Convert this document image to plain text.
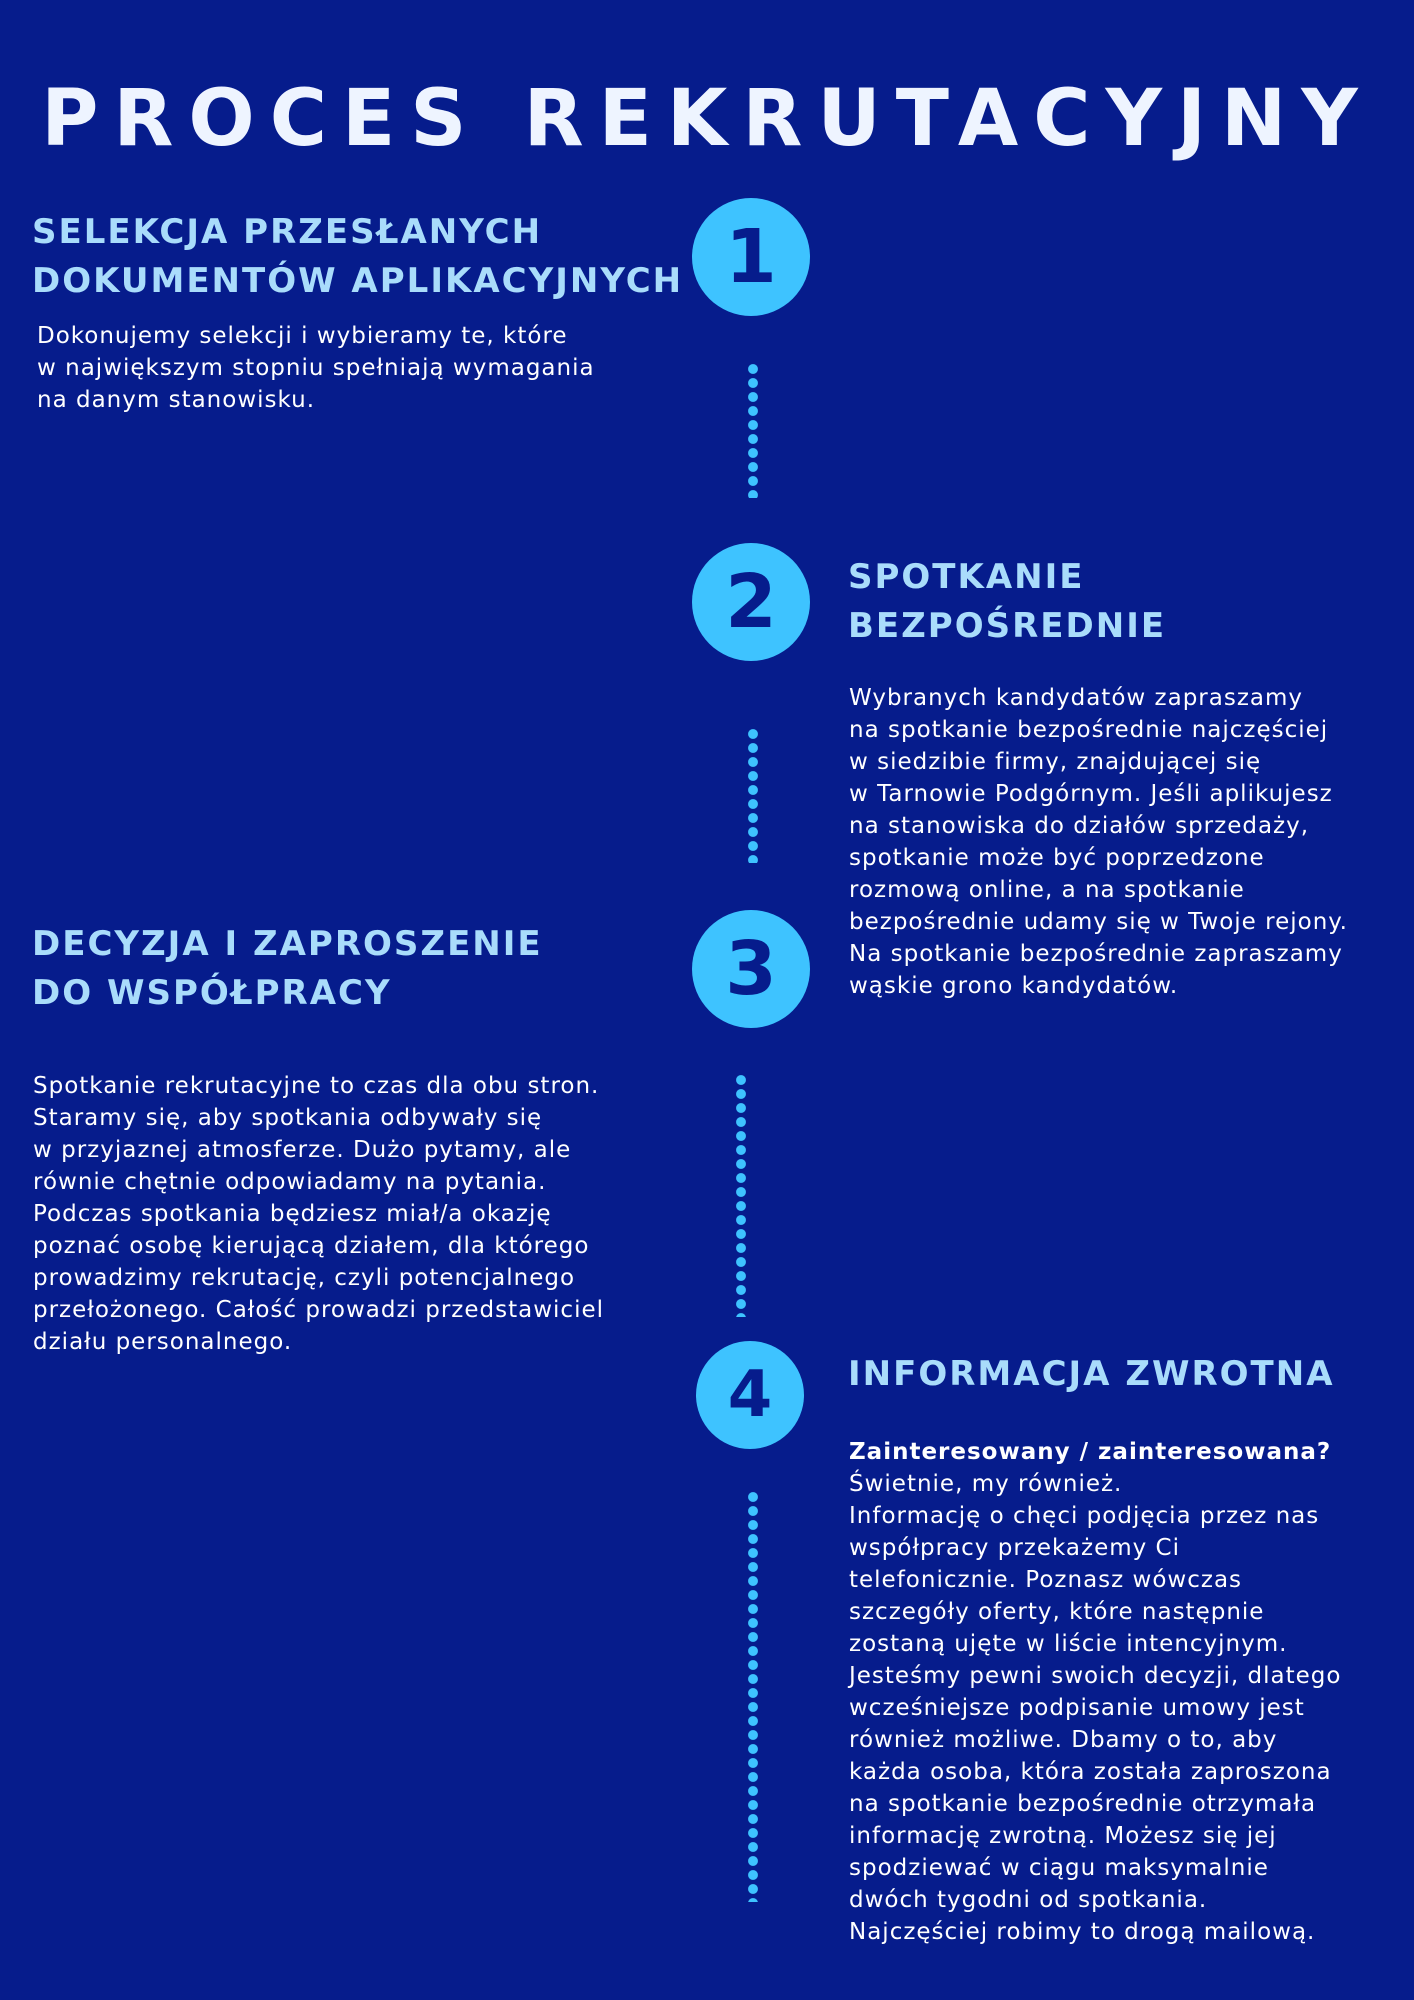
PROCES REKRUTACYJNY
SELEKCJA PRZESŁANYCH
DOKUMENTÓW APLIKACYJNYCH 1

Dokonujemy selekcji i wybieramy te, które
w największym stopniu spełniają wymagania
na danym stanowisku.

2	SPOTKANIE
BEZPOŚREDNIE

Wybranych kandydatów zapraszamy
na spotkanie bezpośrednie najczęściej
w siedzibie firmy, znajdującej się
w Tarnowie Podgórnym. Jeśli aplikujesz
na stanowiska do działów sprzedaży,
spotkanie może być poprzedzone
rozmową online, a na spotkanie
bezpośrednie udamy się w Twoje rejony.
Na spotkanie bezpośrednie zapraszamy
wąskie grono kandydatów.

DECYZJA I ZAPROSZENIE
DO WSPÓŁPRACY	3

Spotkanie rekrutacyjne to czas dla obu stron.
Staramy się, aby spotkania odbywały się
w przyjaznej atmosferze. Dużo pytamy, ale
równie chętnie odpowiadamy na pytania.
Podczas spotkania będziesz miał/a okazję
poznać osobę kierującą działem, dla którego
prowadzimy rekrutację, czyli potencjalnego
przełożonego. Całość prowadzi przedstawiciel
działu personalnego.

4	INFORMACJA ZWROTNA

Zainteresowany / zainteresowana?
Świetnie, my również.

Informację o chęci podjęcia przez nas
współpracy przekażemy Ci
telefonicznie. Poznasz wówczas
szczegóły oferty, które następnie
zostaną ujęte w liście intencyjnym.
Jesteśmy pewni swoich decyzji, dlatego
wcześniejsze podpisanie umowy jest
również możliwe. Dbamy o to, aby
każda osoba, która została zaproszona
na spotkanie bezpośrednie otrzymała
informację zwrotną. Możesz się jej
spodziewać w ciągu maksymalnie
dwóch tygodni od spotkania.
Najczęściej robimy to drogą mailową.
